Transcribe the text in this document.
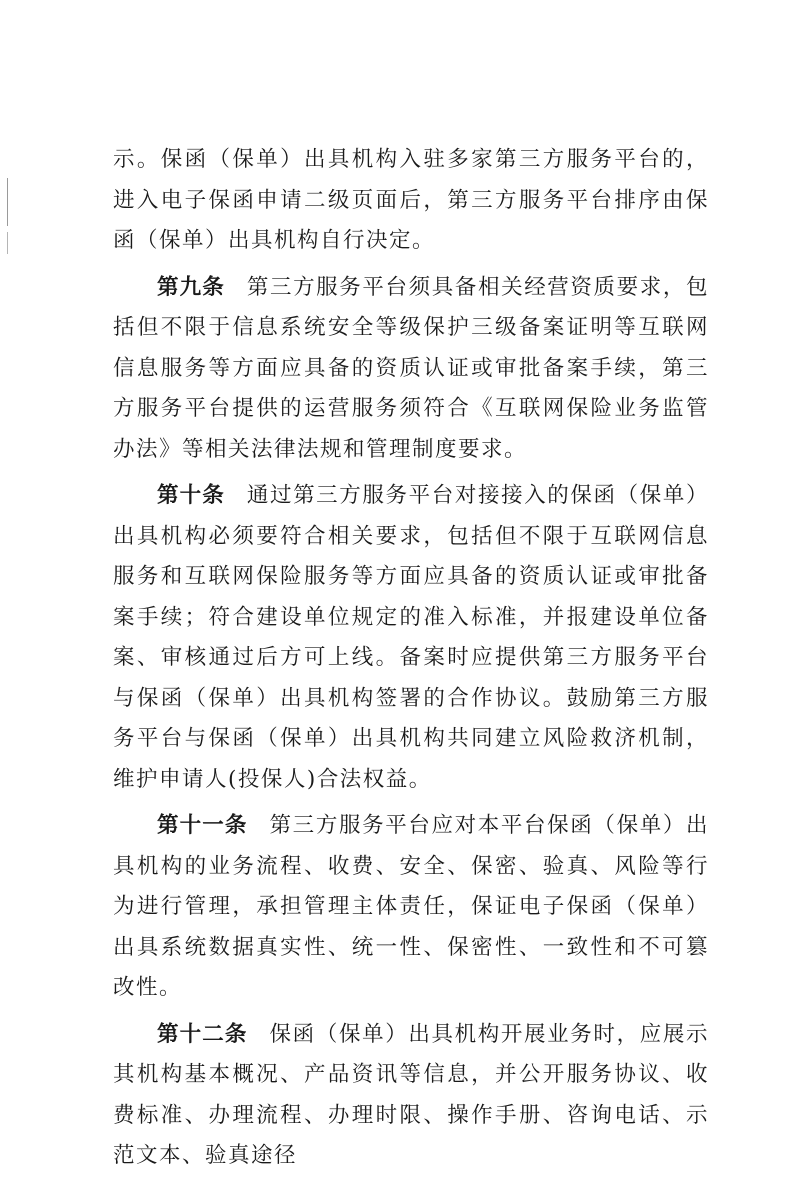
示。保函（保单）出具机构入驻多家第三方服务平台的，进入电子保函申请二级页面后，第三方服务平台排序由保函（保单）出具机构自行决定。

第九条 第三方服务平台须具备相关经营资质要求，包括但不限于信息系统安全等级保护三级备案证明等互联网信息服务等方面应具备的资质认证或审批备案手续，第三方服务平台提供的运营服务须符合《互联网保险业务监管办法》等相关法律法规和管理制度要求。

第十条 通过第三方服务平台对接接入的保函（保单）出具机构必须要符合相关要求，包括但不限于互联网信息服务和互联网保险服务等方面应具备的资质认证或审批备案手续；符合建设单位规定的准入标准，并报建设单位备案、审核通过后方可上线。备案时应提供第三方服务平台与保函（保单）出具机构签署的合作协议。鼓励第三方服务平台与保函（保单）出具机构共同建立风险救济机制，维护申请人(投保人)合法权益。

第十一条 第三方服务平台应对本平台保函（保单）出具机构的业务流程、收费、安全、保密、验真、风险等行为进行管理，承担管理主体责任，保证电子保函（保单）出具系统数据真实性、统一性、保密性、一致性和不可篡改性。

第十二条 保函（保单）出具机构开展业务时，应展示其机构基本概况、产品资讯等信息，并公开服务协议、收费标准、办理流程、办理时限、操作手册、咨询电话、示范文本、验真途径
